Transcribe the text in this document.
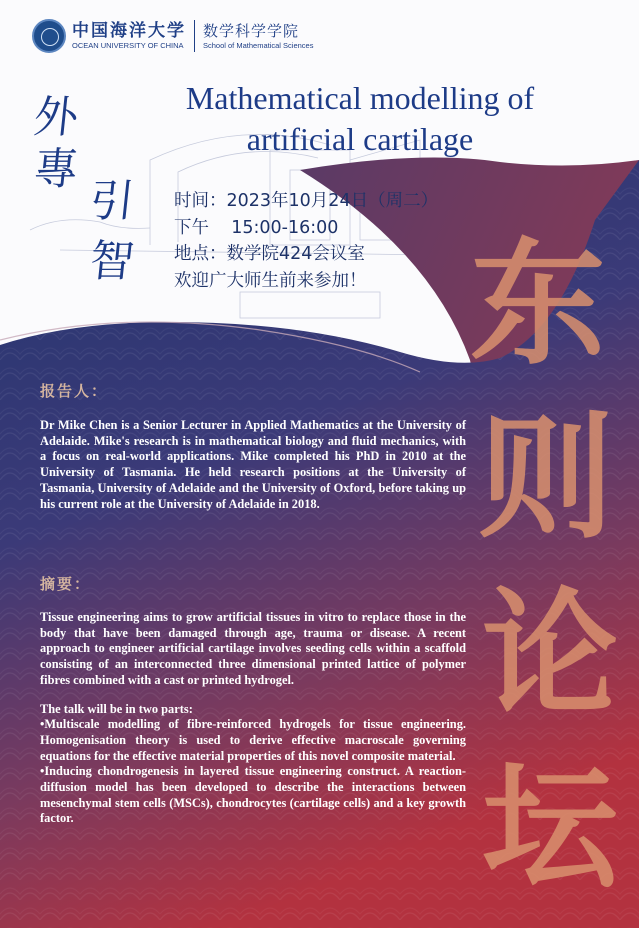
中国海洋大学
OCEAN UNIVERSITY OF CHINA
数学科学学院
School of Mathematical Sciences
Mathematical modelling of
artificial cartilage
外
專
引
智
时间：2023年10月24日（周二）
下午    15:00-16:00
地点：数学院424会议室
欢迎广大师生前来参加！ 东
则
论
坛
报告人：

Dr Mike Chen is a Senior Lecturer in Applied Mathematics at the University of Adelaide. Mike's research is in mathematical biology and fluid mechanics, with a focus on real-world applications. Mike completed his PhD in 2010 at the University of Tasmania. He held research positions at the University of Tasmania, University of Adelaide and the University of Oxford, before taking up his current role at the University of Adelaide in 2018.

摘要：

Tissue engineering aims to grow artificial tissues in vitro to replace those in the body that have been damaged through age, trauma or disease. A recent approach to engineer artificial cartilage involves seeding cells within a scaffold consisting of an interconnected three dimensional printed lattice of polymer fibres combined with a cast or printed hydrogel.

The talk will be in two parts:

•Multiscale modelling of fibre-reinforced hydrogels for tissue engineering. Homogenisation theory is used to derive effective macroscale governing equations for the effective material properties of this novel composite material.

•Inducing chondrogenesis in layered tissue engineering construct. A reaction-diffusion model has been developed to describe the interactions between mesenchymal stem cells (MSCs), chondrocytes (cartilage cells) and a key growth factor.
